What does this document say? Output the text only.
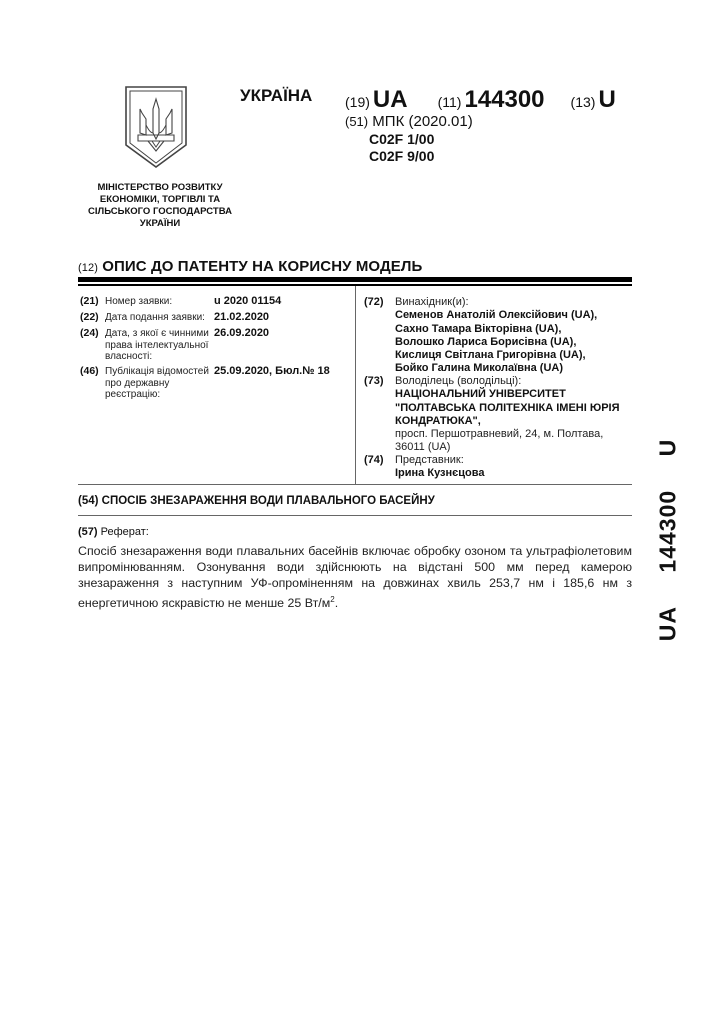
МІНІСТЕРСТВО РОЗВИТКУ
ЕКОНОМІКИ, ТОРГІВЛІ ТА
СІЛЬСЬКОГО ГОСПОДАРСТВА
УКРАЇНИ
УКРАЇНА (19) UA (11) 144300 (13) U
(51) МПК (2020.01)
C02F 1/00
C02F 9/00
(12) ОПИС ДО ПАТЕНТУ НА КОРИСНУ МОДЕЛЬ
(21) Номер заявки:	u 2020 01154
(22) Дата подання заявки: 21.02.2020
(24) Дата, з якої є чинними права інтелектуальної власності:
26.09.2020
(46) Публікація відомостей про державну реєстрацію:
25.09.2020, Бюл.№ 18
(72) Винахідник(и):
Семенов Анатолій Олексійович (UA),
Сахно Тамара Вікторівна (UA),
Волошко Лариса Борисівна (UA),
Кислиця Світлана Григорівна (UA),
Бойко Галина Миколаївна (UA)
(73) Володілець (володільці):
НАЦІОНАЛЬНИЙ УНІВЕРСИТЕТ
"ПОЛТАВСЬКА ПОЛІТЕХНІКА ІМЕНІ ЮРІЯ
КОНДРАТЮКА",
просп. Першотравневий, 24, м. Полтава,
36011 (UA)
(74) Представник:
Ірина Кузнєцова
(54) СПОСІБ ЗНЕЗАРАЖЕННЯ ВОДИ ПЛАВАЛЬНОГО БАСЕЙНУ
(57) Реферат:
Спосіб знезараження води плавальних басейнів включає обробку озоном та ультрафіолетовим випромінюванням. Озонування води здійснюють на відстані 500 мм перед камерою знезараження з наступним УФ-опроміненням на довжинах хвиль 253,7 нм і 185,6 нм з енергетичною яскравістю не менше 25 $Вт/м^2$.
UA 144300 U
